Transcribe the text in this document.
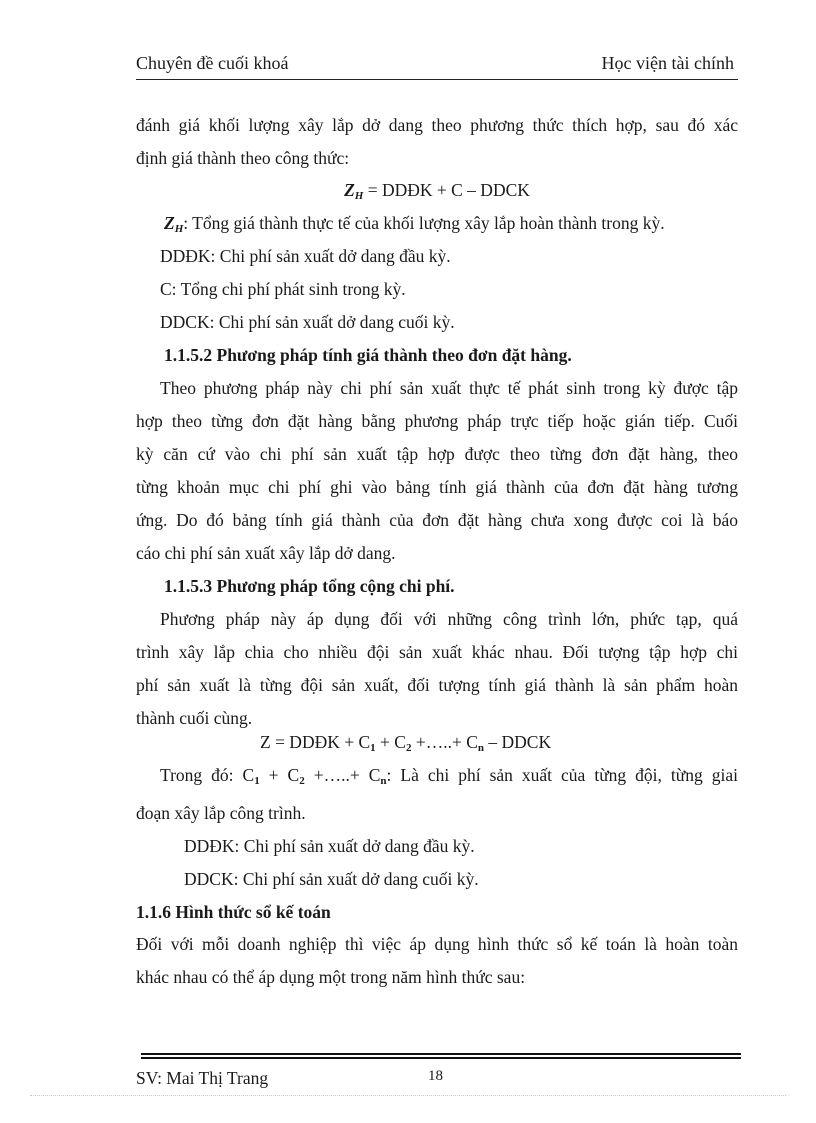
Chuyên đề cuối khoá	Học viện tài chính
đánh giá khối lượng xây lắp dở dang theo phương thức thích hợp, sau đó xác
định giá thành theo công thức:
$Z_H$ = DDĐK + C – DDCK
$Z_H$: Tổng giá thành thực tế của khối lượng xây lắp hoàn thành trong kỳ.
DDĐK: Chi phí sản xuất dở dang đầu kỳ.
C: Tổng chi phí phát sinh trong kỳ.
DDCK: Chi phí sản xuất dở dang cuối kỳ.
1.1.5.2 Phương pháp tính giá thành theo đơn đặt hàng.
Theo phương pháp này chi phí sản xuất thực tế phát sinh trong kỳ được tập
hợp theo từng đơn đặt hàng bằng phương pháp trực tiếp hoặc gián tiếp. Cuối
kỳ căn cứ vào chi phí sản xuất tập hợp được theo từng đơn đặt hàng, theo
từng khoản mục chi phí ghi vào bảng tính giá thành của đơn đặt hàng tương
ứng. Do đó bảng tính giá thành của đơn đặt hàng chưa xong được coi là báo
cáo chi phí sản xuất xây lắp dở dang.
1.1.5.3 Phương pháp tổng cộng chi phí.
Phương pháp này áp dụng đối với những công trình lớn, phức tạp, quá
trình xây lắp chia cho nhiều đội sản xuất khác nhau. Đối tượng tập hợp chi
phí sản xuất là từng đội sản xuất, đối tượng tính giá thành là sản phẩm hoàn
thành cuối cùng.
Z = DDĐK + $C_1 + C_2$ +…..+ $C_n$ – DDCK
Trong đó: $C_1 + C_2$ +…..+ $C_n$: Là chi phí sản xuất của từng đội, từng giai
đoạn xây lắp công trình.
DDĐK: Chi phí sản xuất dở dang đầu kỳ.
DDCK: Chi phí sản xuất dở dang cuối kỳ.
1.1.6 Hình thức sổ kế toán
Đối với mỗi doanh nghiệp thì việc áp dụng hình thức sổ kế toán là hoàn toàn
khác nhau có thể áp dụng một trong năm hình thức sau:
SV: Mai Thị Trang	18
